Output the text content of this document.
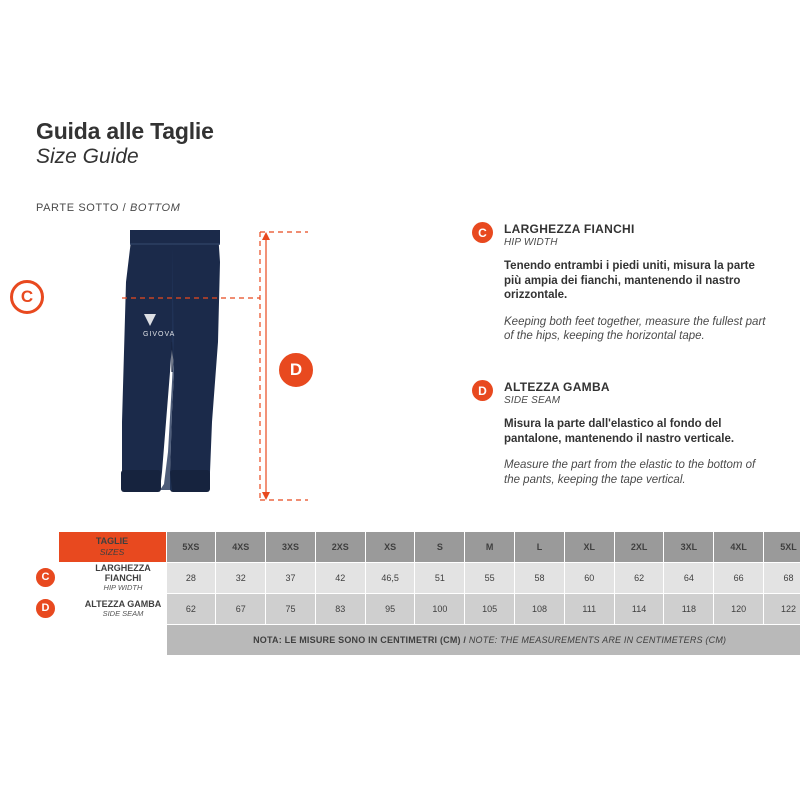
Guida alle Taglie
Size Guide
PARTE SOTTO / BOTTOM
GIVOVA
C
D
C	LARGHEZZA FIANCHI
HIP WIDTH
Tenendo entrambi i piedi uniti, misura la parte più ampia dei fianchi, mantenendo il nastro orizzontale.
Keeping both feet together, measure the fullest part of the hips, keeping the horizontal tape.
D	ALTEZZA GAMBA
SIDE SEAM
Misura la parte dall'elastico al fondo del pantalone, mantenendo il nastro verticale.
Measure the part from the elastic to the bottom of the pants, keeping the tape vertical.

	TAGLIE
SIZES	5XS	4XS	3XS	2XS	XS	S	M	L	XL	2XL	3XL	4XL	5XL

C	LARGHEZZA FIANCHI
HIP WIDTH	28	32	37	42	46,5	51	55	58	60	62	64	66	68

D	ALTEZZA GAMBA
SIDE SEAM	62	67	75	83	95	100	105	108	111	114	118	120	122
		NOTA: LE MISURE SONO IN CENTIMETRI (CM) / NOTE: THE MEASUREMENTS ARE IN CENTIMETERS (CM)												
